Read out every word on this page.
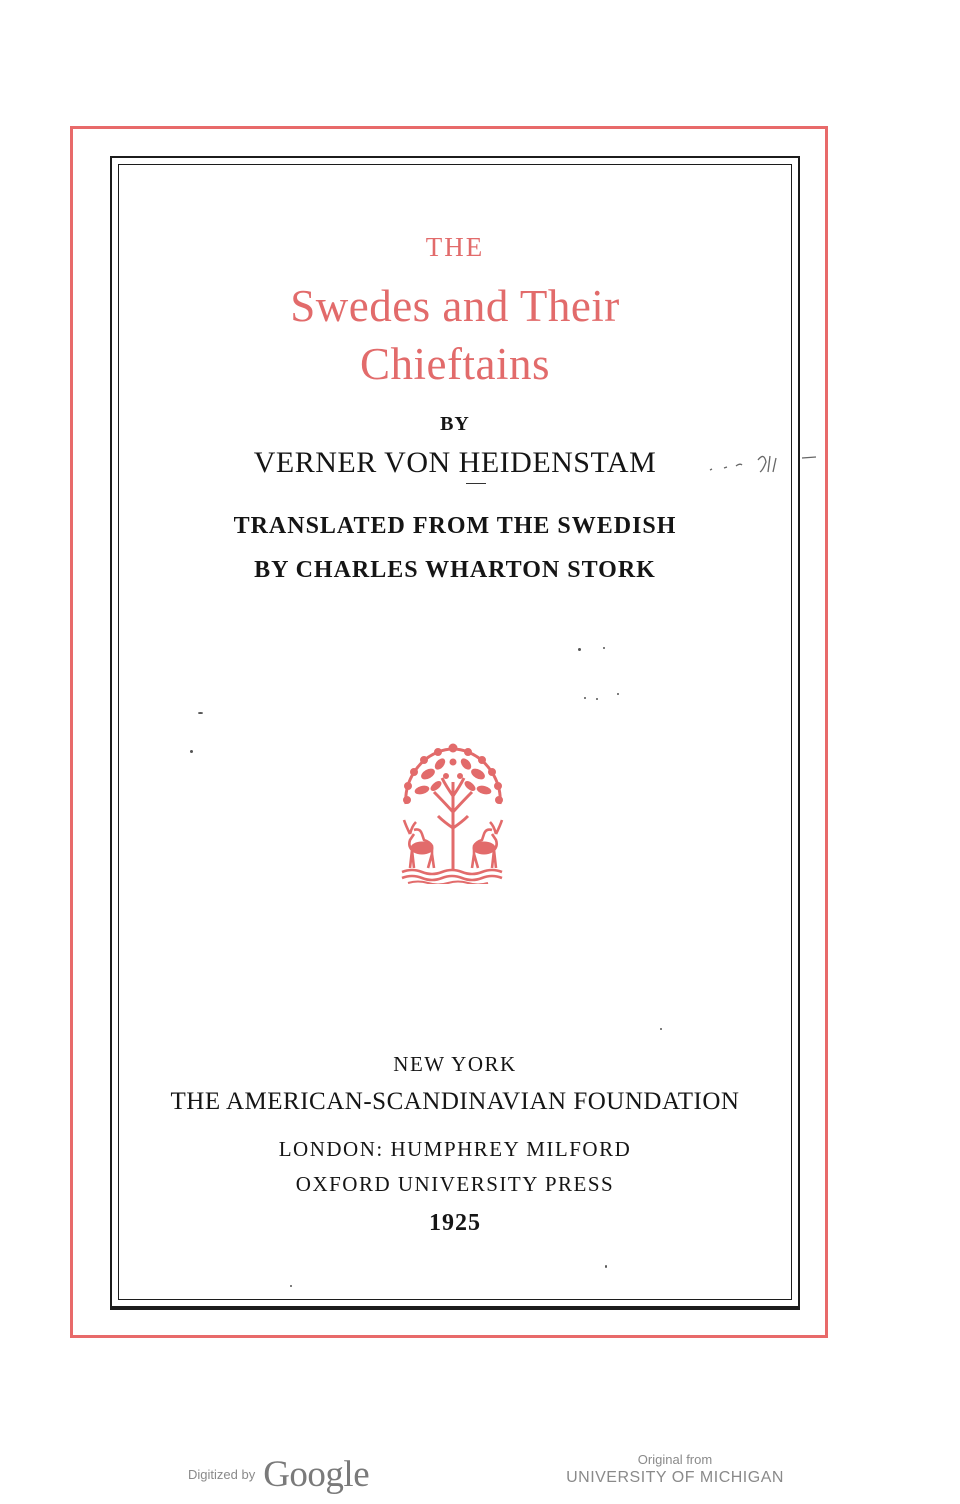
THE
Swedes and Their
Chieftains
BY
VERNER VON HEIDENSTAM
TRANSLATED FROM THE SWEDISH
BY CHARLES WHARTON STORK
NEW YORK
THE AMERICAN-SCANDINAVIAN FOUNDATION
LONDON: HUMPHREY MILFORD
OXFORD UNIVERSITY PRESS
1925
Digitized by Google	Original from
UNIVERSITY OF MICHIGAN
